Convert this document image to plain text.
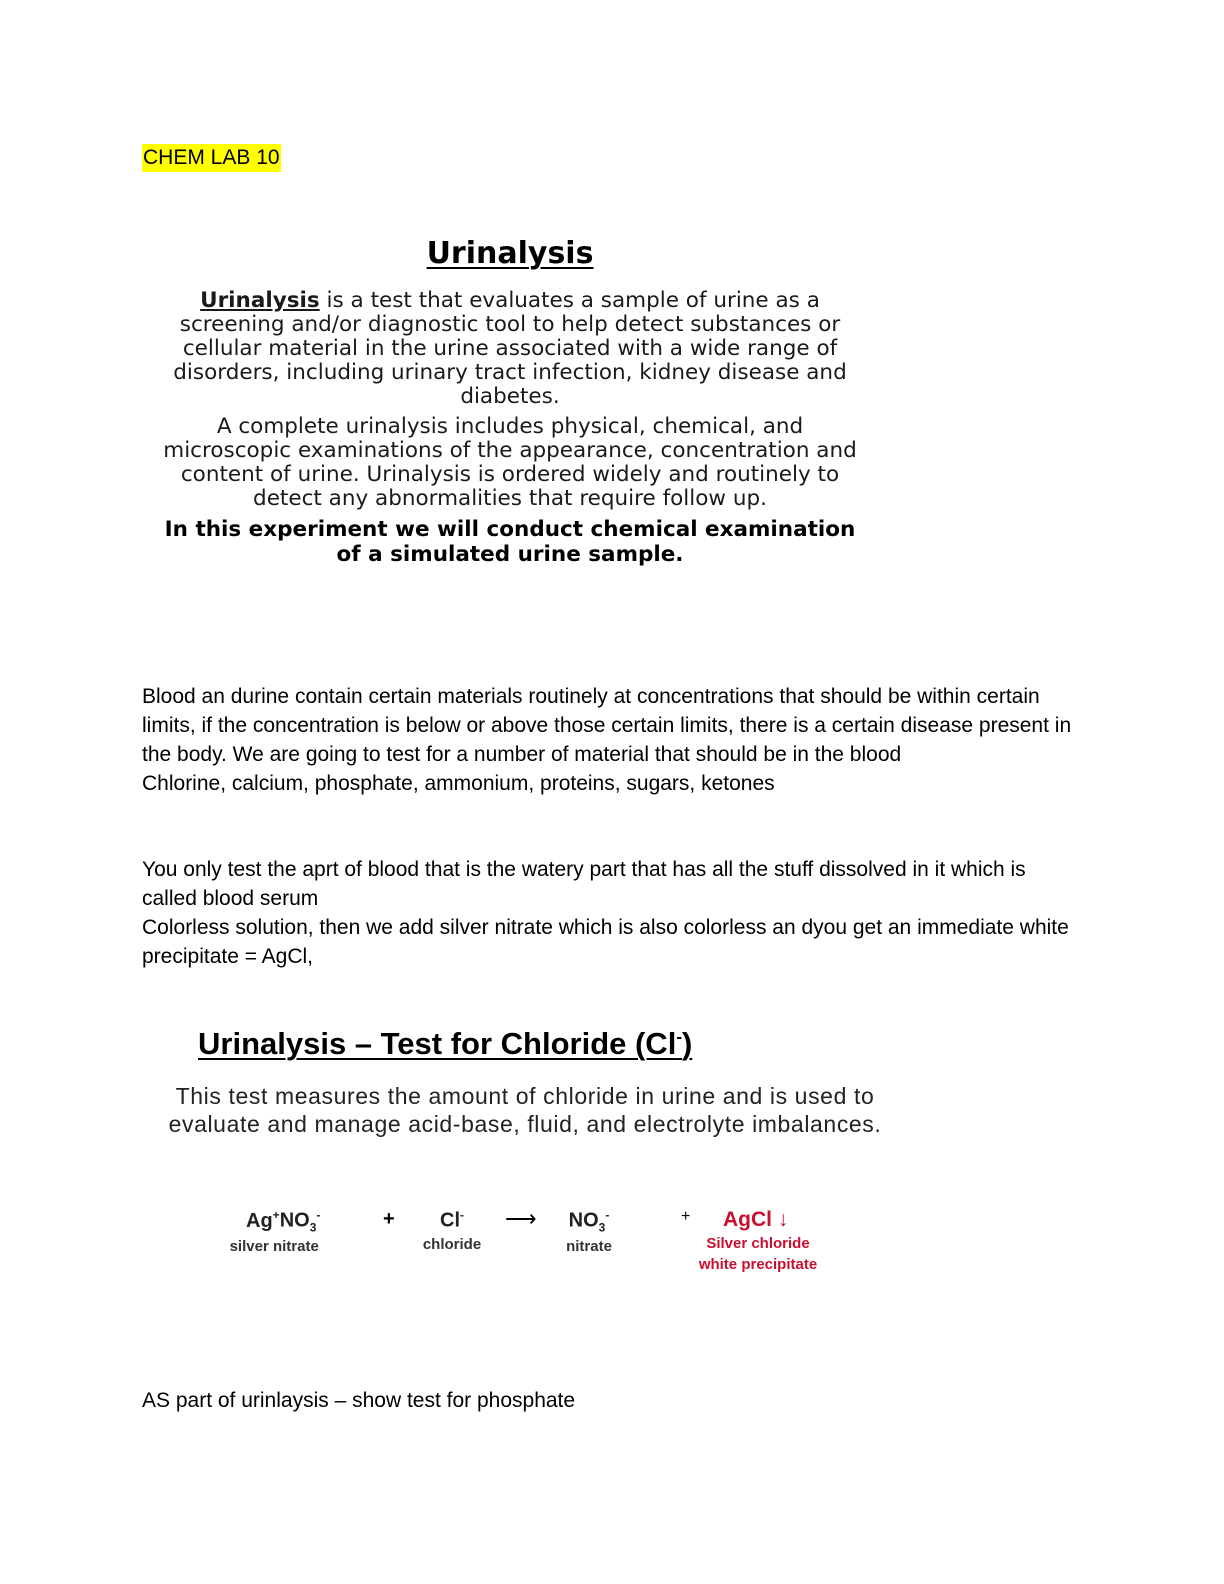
CHEM LAB 10
Urinalysis

Urinalysis is a test that evaluates a sample of urine as a screening and/or diagnostic tool to help detect substances or cellular material in the urine associated with a wide range of disorders, including urinary tract infection, kidney disease and diabetes.

A complete urinalysis includes physical, chemical, and microscopic examinations of the appearance, concentration and content of urine. Urinalysis is ordered widely and routinely to detect any abnormalities that require follow up.

In this experiment we will conduct chemical examination of a simulated urine sample.
Blood an durine contain certain materials routinely at concentrations that should be within certain limits, if the concentration is below or above those certain limits, there is a certain disease present in the body. We are going to test for a number of material that should be in the blood
Chlorine, calcium, phosphate, ammonium, proteins, sugars, ketones
You only test the aprt of blood that is the watery part that has all the stuff dissolved in it which is called blood serum
Colorless solution, then we add silver nitrate which is also colorless an dyou get an immediate white precipitate = AgCl,
Urinalysis – Test for Chloride (Cl-)
This test measures the amount of chloride in urine and is used to evaluate and manage acid-base, fluid, and electrolyte imbalances.
$Ag^+NO_3^-$
silver nitrate
+	Cl-
chloride
⟶	$NO_3^-$
nitrate
+ AgCl ↓
Silver chloride
white precipitate
AS part of urinlaysis – show test for phosphate
